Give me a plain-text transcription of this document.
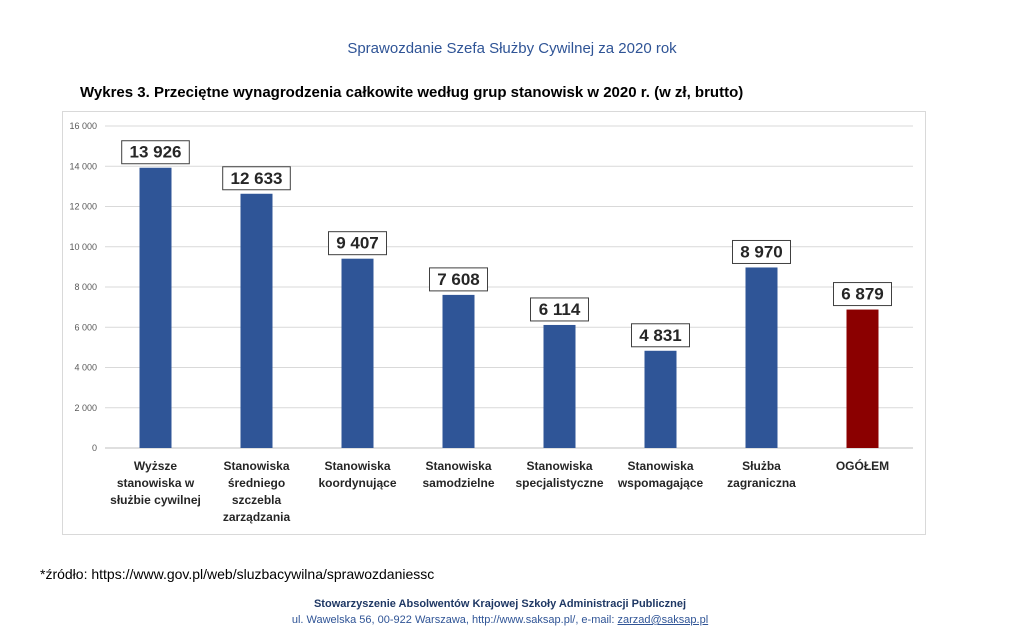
Sprawozdanie Szefa Służby Cywilnej za 2020 rok
Wykres 3. Przeciętne wynagrodzenia całkowite według grup stanowisk w 2020 r. (w zł, brutto)
0
2 000
4 000
6 000
8 000
10 000
12 000
14 000
16 000
13 926
12 633
9 407
7 608
6 114
4 831
8 970
6 879
Wyższe stanowiska w służbie cywilnej
Stanowiska średniego szczebla zarządzania
Stanowiska koordynujące
Stanowiska samodzielne
Stanowiska specjalistyczne
Stanowiska wspomagające
Służba zagraniczna
OGÓŁEM
*źródło: https://www.gov.pl/web/sluzbacywilna/sprawozdaniessc
Stowarzyszenie Absolwentów Krajowej Szkoły Administracji Publicznej
ul. Wawelska 56, 00-922 Warszawa, http://www.saksap.pl/, e-mail: zarzad@saksap.pl
